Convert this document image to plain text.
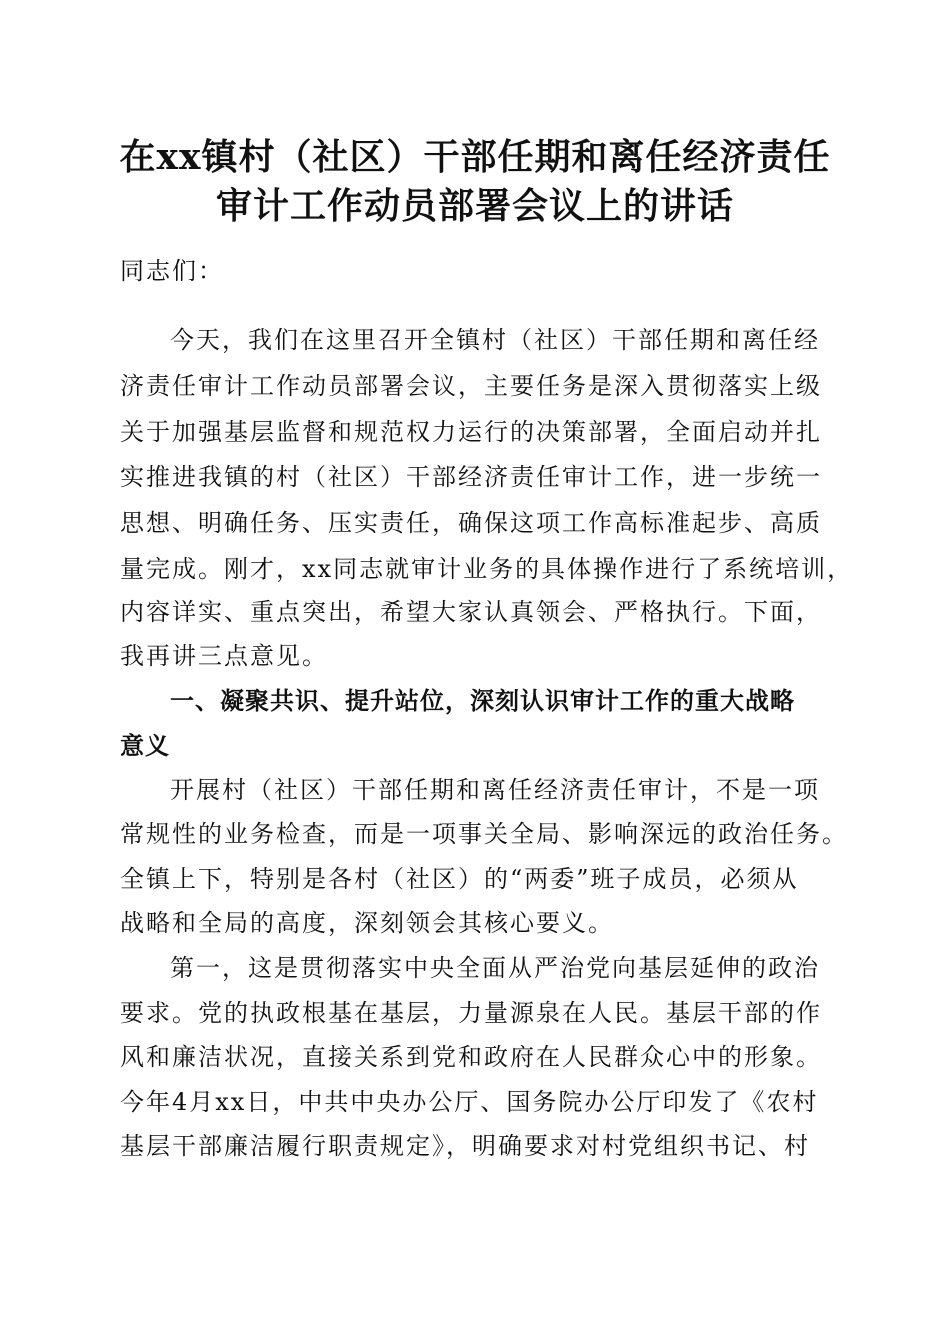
在xx镇村（社区）干部任期和离任经济责任
审计工作动员部署会议上的讲话
同志们：
今天，我们在这里召开全镇村（社区）干部任期和离任经
济责任审计工作动员部署会议，主要任务是深入贯彻落实上级
关于加强基层监督和规范权力运行的决策部署，全面启动并扎
实推进我镇的村（社区）干部经济责任审计工作，进一步统一
思想、明确任务、压实责任，确保这项工作高标准起步、高质
量完成。刚才，xx同志就审计业务的具体操作进行了系统培训，
内容详实、重点突出，希望大家认真领会、严格执行。下面，
我再讲三点意见。
一、凝聚共识、提升站位，深刻认识审计工作的重大战略
意义
开展村（社区）干部任期和离任经济责任审计，不是一项
常规性的业务检查，而是一项事关全局、影响深远的政治任务。
全镇上下，特别是各村（社区）的“两委”班子成员，必须从
战略和全局的高度，深刻领会其核心要义。
第一，这是贯彻落实中央全面从严治党向基层延伸的政治
要求。党的执政根基在基层，力量源泉在人民。基层干部的作
风和廉洁状况，直接关系到党和政府在人民群众心中的形象。
今年4月xx日，中共中央办公厅、国务院办公厅印发了《农村
基层干部廉洁履行职责规定》，明确要求对村党组织书记、村
